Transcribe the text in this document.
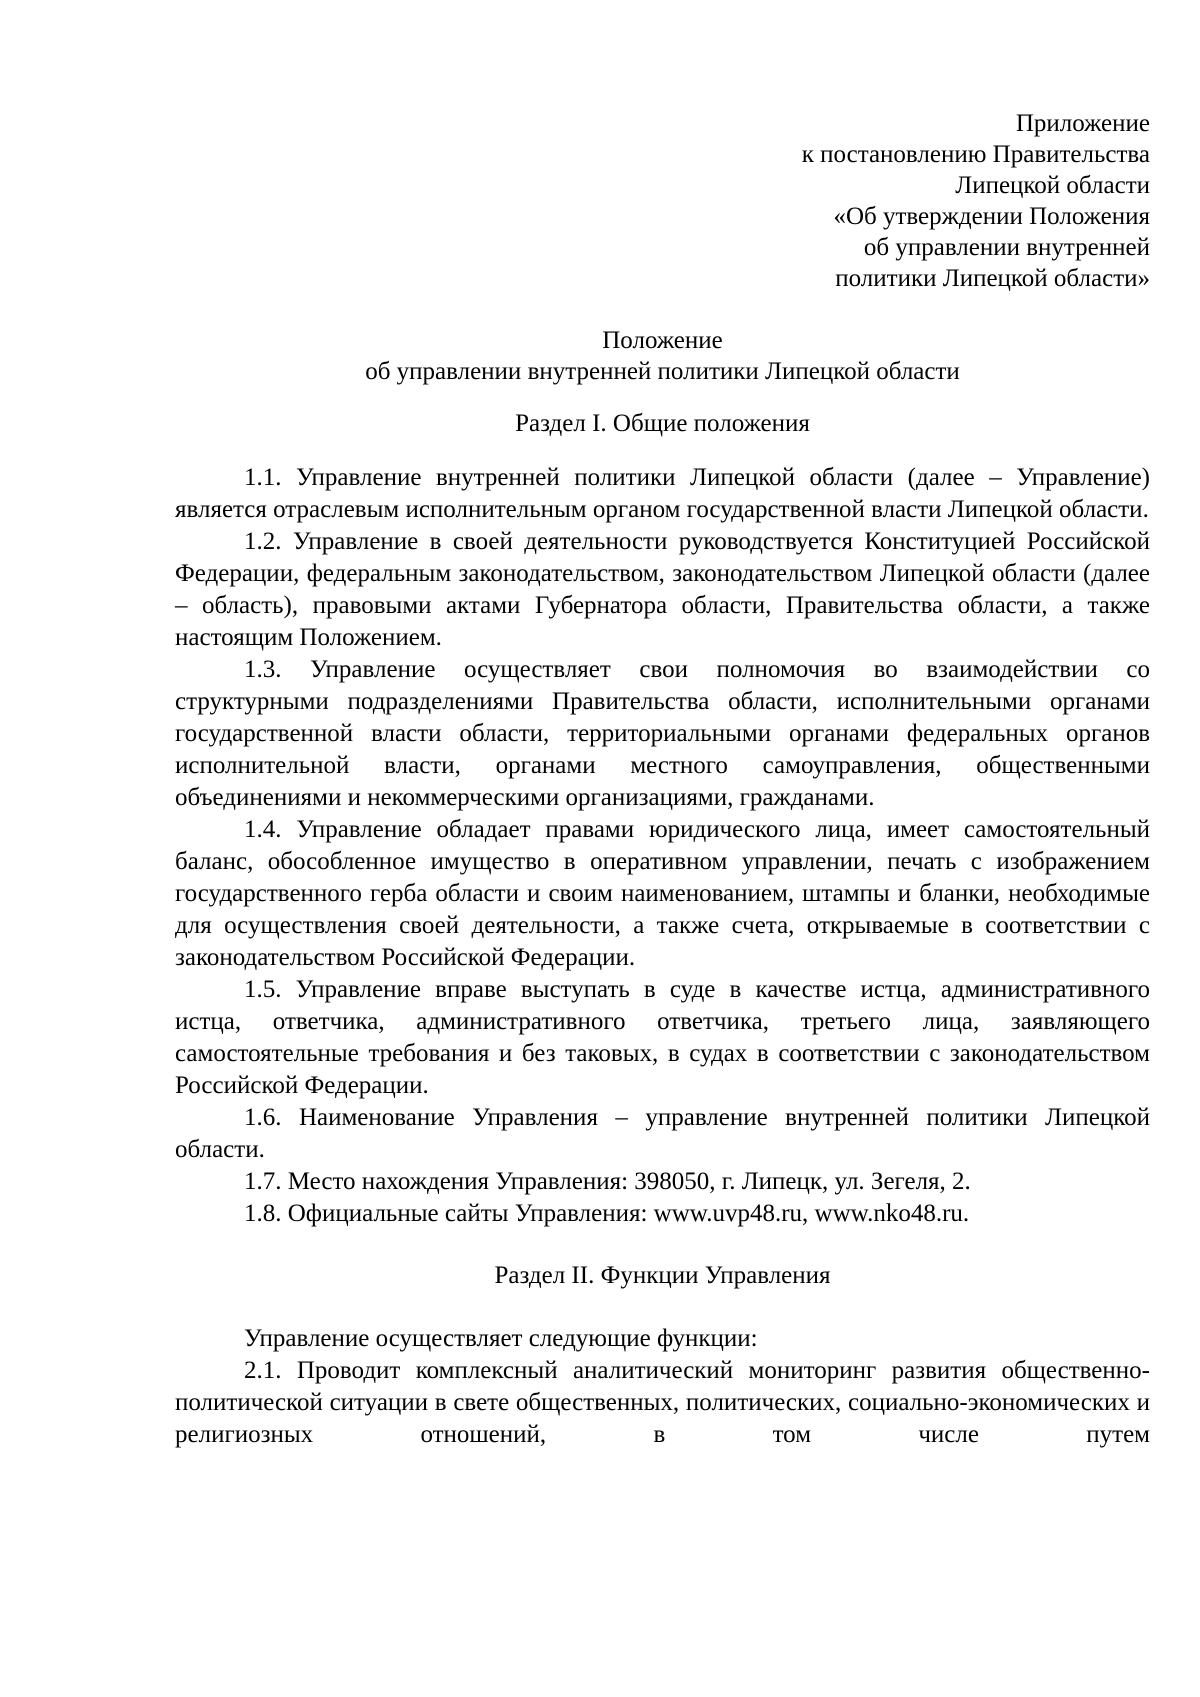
Приложение
к постановлению Правительства
Липецкой области
«Об утверждении Положения
об управлении внутренней
политики Липецкой области»
Положение
об управлении внутренней политики Липецкой области
Раздел I. Общие положения

1.1. Управление внутренней политики Липецкой области (далее – Управление) является отраслевым исполнительным органом государственной власти Липецкой области.

1.2. Управление в своей деятельности руководствуется Конституцией Российской Федерации, федеральным законодательством, законодательством Липецкой области (далее – область), правовыми актами Губернатора области, Правительства области, а также настоящим Положением.

1.3. Управление осуществляет свои полномочия во взаимодействии со структурными подразделениями Правительства области, исполнительными органами государственной власти области, территориальными органами федеральных органов исполнительной власти, органами местного самоуправления, общественными объединениями и некоммерческими организациями, гражданами.

1.4. Управление обладает правами юридического лица, имеет самостоятельный баланс, обособленное имущество в оперативном управлении, печать с изображением государственного герба области и своим наименованием, штампы и бланки, необходимые для осуществления своей деятельности, а также счета, открываемые в соответствии с законодательством Российской Федерации.

1.5. Управление вправе выступать в суде в качестве истца, административного истца, ответчика, административного ответчика, третьего лица, заявляющего самостоятельные требования и без таковых, в судах в соответствии с законодательством Российской Федерации.

1.6. Наименование Управления – управление внутренней политики Липецкой области.

1.7. Место нахождения Управления: 398050, г. Липецк, ул. Зегеля, 2.

1.8. Официальные сайты Управления: www.uvp48.ru, www.nko48.ru.

Раздел II. Функции Управления

Управление осуществляет следующие функции:

2.1. Проводит комплексный аналитический мониторинг развития общественно-политической ситуации в свете общественных, политических, социально-экономических и религиозных отношений, в том числе путем
